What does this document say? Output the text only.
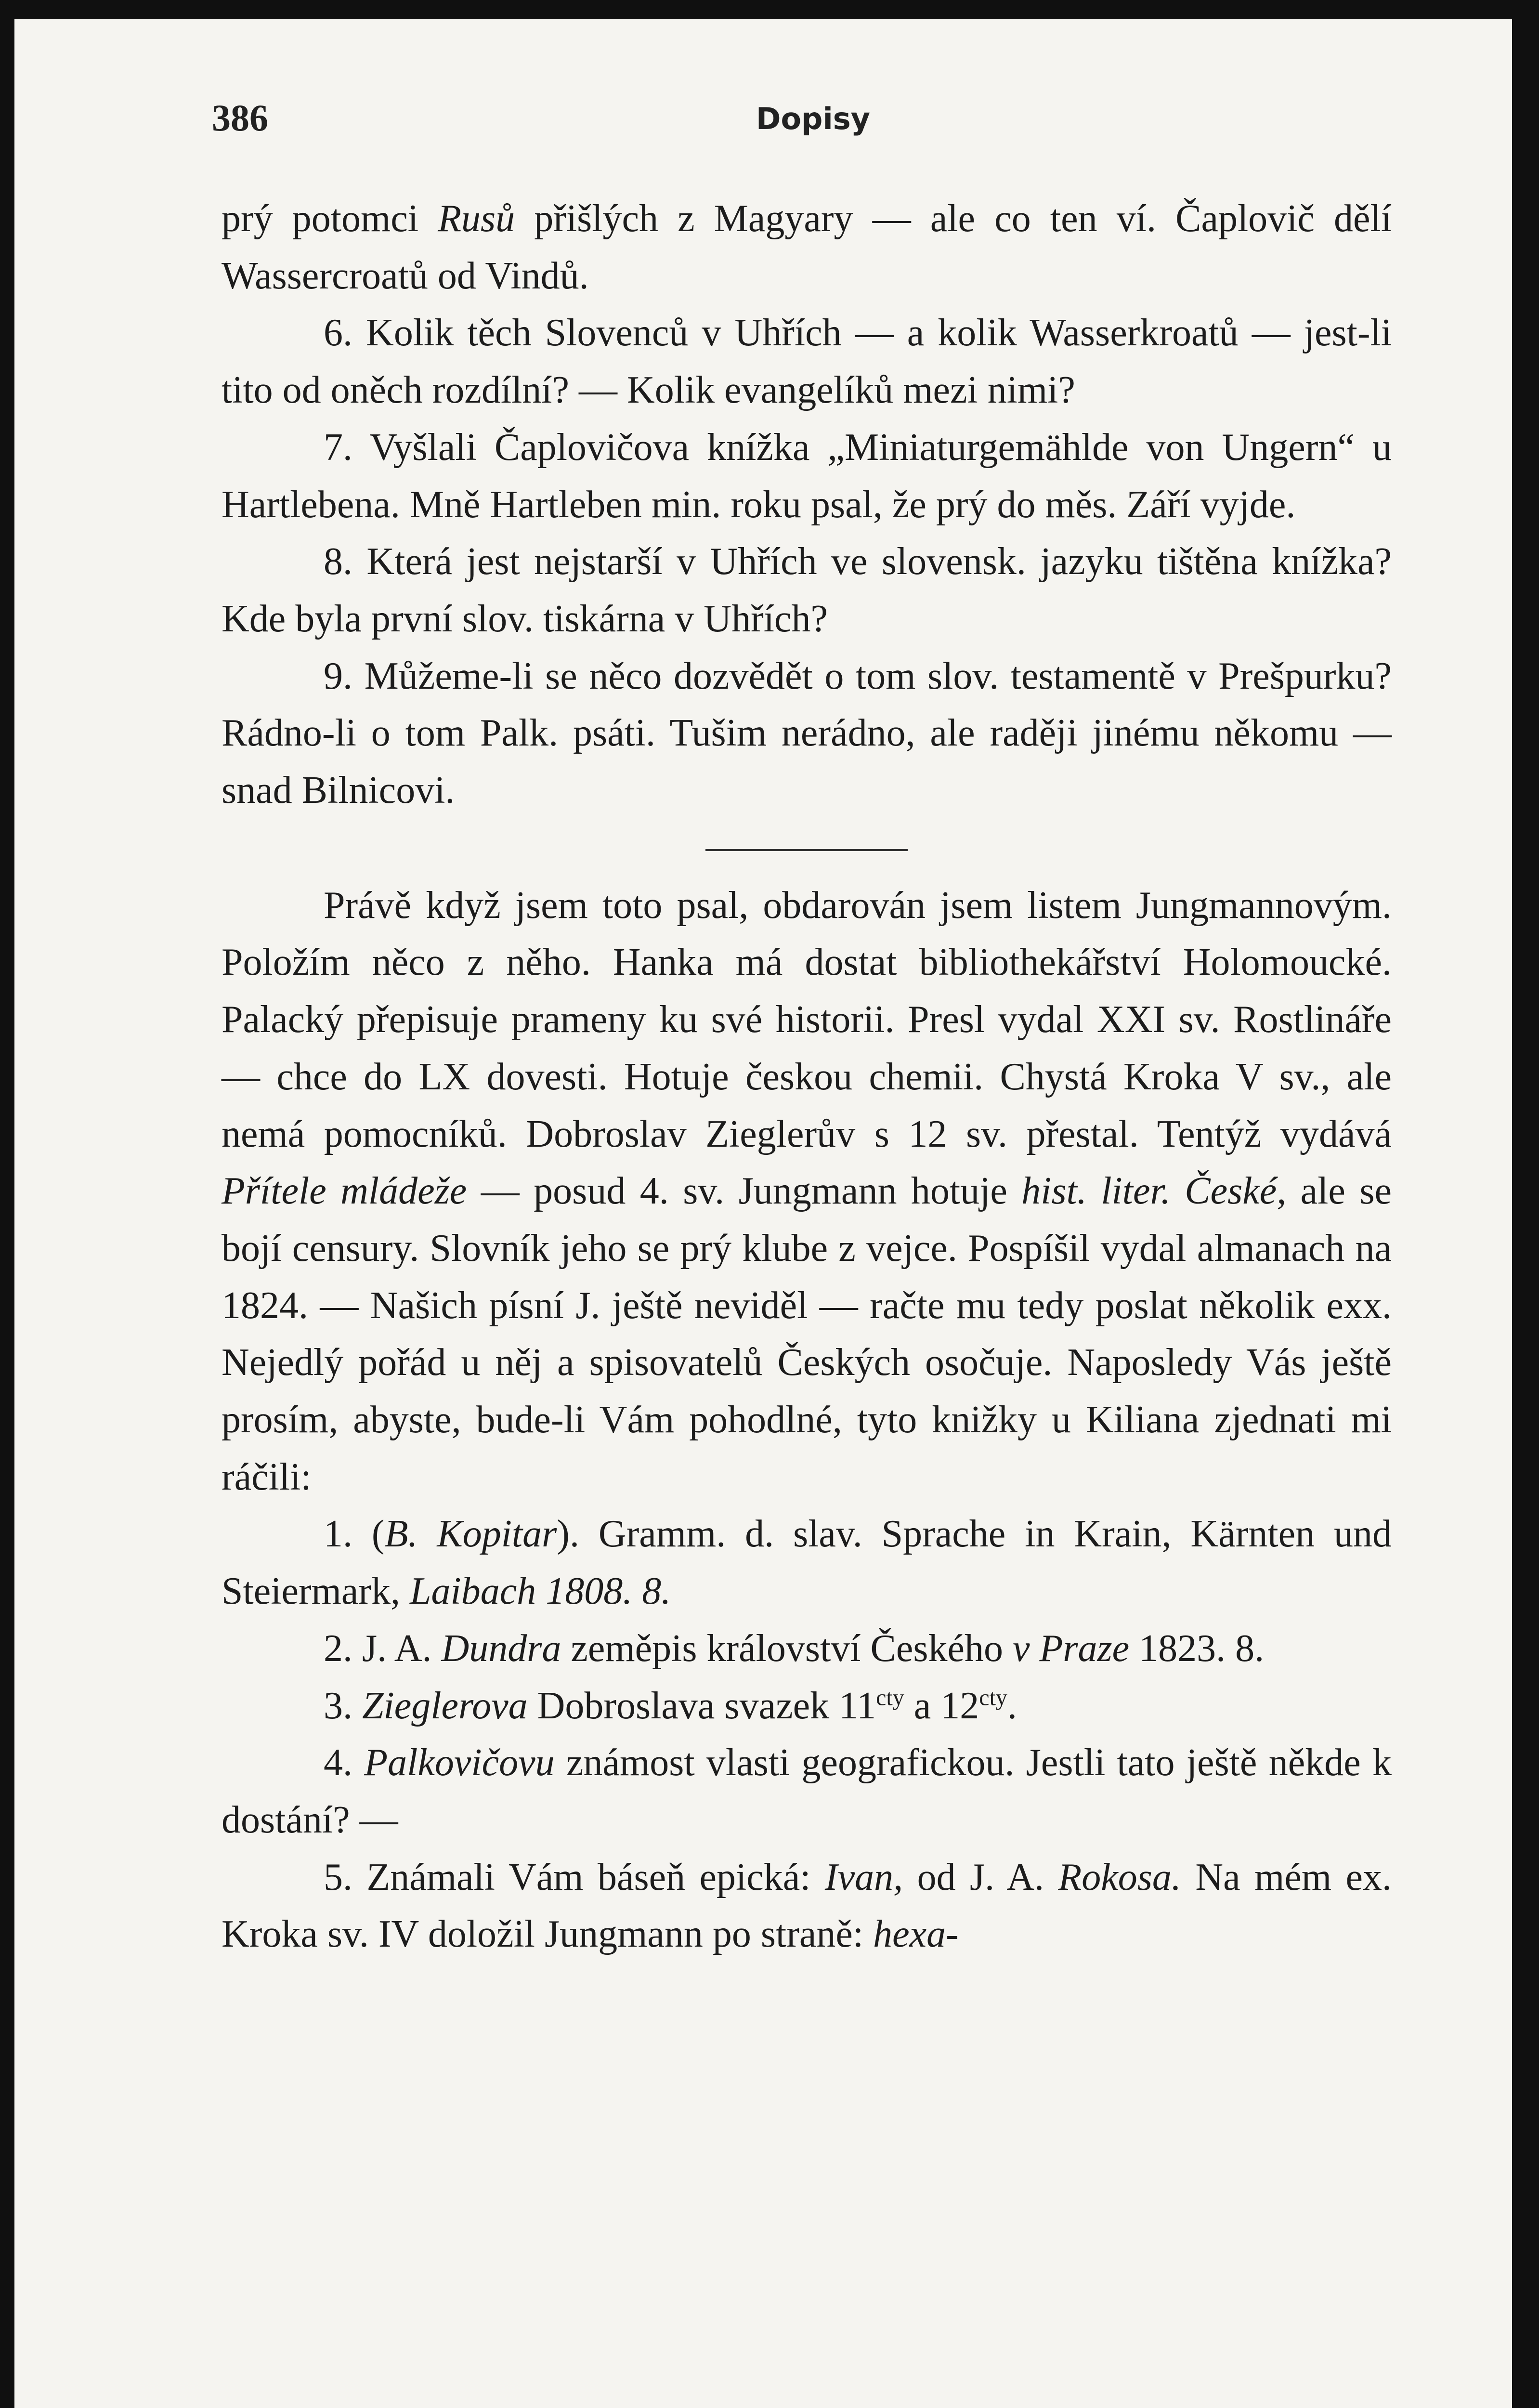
386	Dopisy

prý potomci Rusů přišlých z Magyary — ale co ten ví. Čaplovič dělí Wassercroatů od Vindů.

6. Kolik těch Slovenců v Uhřích — a kolik Wasserkroatů — jest-li tito od oněch rozdílní? — Kolik evangelíků mezi nimi?

7. Vyšlali Čaplovičova knížka „Miniaturgemählde von Ungern“ u Hartlebena. Mně Hartleben min. roku psal, že prý do měs. Září vyjde.

8. Která jest nejstarší v Uhřích ve slovensk. jazyku tištěna knížka? Kde byla první slov. tiskárna v Uhřích?

9. Můžeme-li se něco dozvědět o tom slov. testamentě v Prešpurku? Rádno-li o tom Palk. psáti. Tušim nerádno, ale raději jinému někomu — snad Bilnicovi.

Právě když jsem toto psal, obdarován jsem listem Jungmannovým. Položím něco z něho. Hanka má dostat bibliothekářství Holomoucké. Palacký přepisuje prameny ku své historii. Presl vydal XXI sv. Rostlináře — chce do LX dovesti. Hotuje českou chemii. Chystá Kroka V sv., ale nemá pomocníků. Dobroslav Zieglerův s 12 sv. přestal. Tentýž vydává Přítele mládeže — posud 4. sv. Jungmann hotuje hist. liter. České, ale se bojí censury. Slovník jeho se prý klube z vejce. Pospíšil vydal almanach na 1824. — Našich písní J. ještě neviděl — račte mu tedy poslat několik exx. Nejedlý pořád u něj a spisovatelů Českých osočuje. Naposledy Vás ještě prosím, abyste, bude-li Vám pohodlné, tyto knižky u Kiliana zjednati mi ráčili:

1. (B. Kopitar). Gramm. d. slav. Sprache in Krain, Kärnten und Steiermark, Laibach 1808. 8.

2. J. A. Dundra zeměpis království Českého v Praze 1823. 8.

3. Zieglerova Dobroslava svazek $11^{cty}$ a $12^{cty}$.

4. Palkovičovu známost vlasti geografickou. Jestli tato ještě někde k dostání? —

5. Známali Vám báseň epická: Ivan, od J. A. Rokosa. Na mém ex. Kroka sv. IV doložil Jungmann po straně: hexa-
